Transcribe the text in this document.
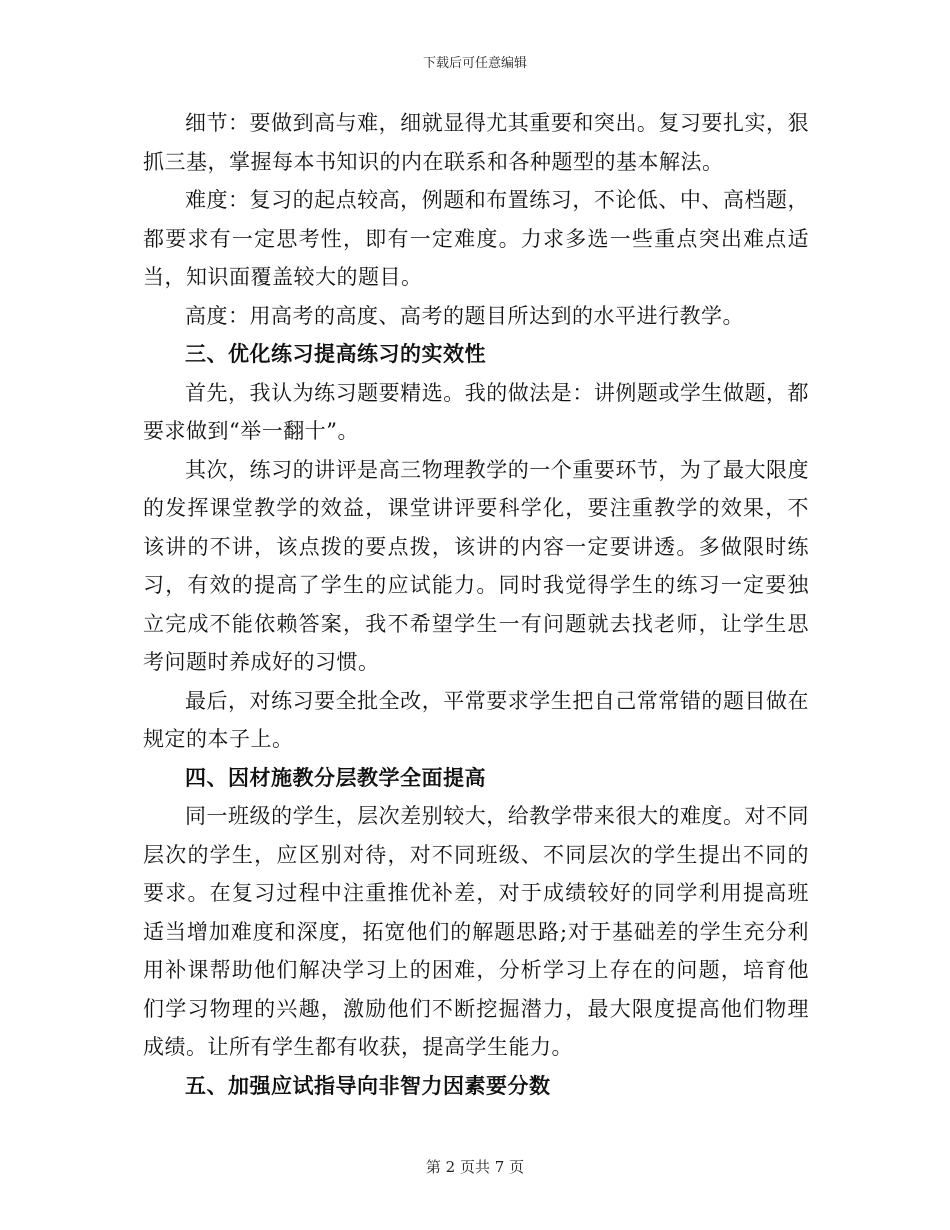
下载后可任意编辑

细节：要做到高与难，细就显得尤其重要和突出。复习要扎实，狠抓三基，掌握每本书知识的内在联系和各种题型的基本解法。

难度：复习的起点较高，例题和布置练习，不论低、中、高档题，都要求有一定思考性，即有一定难度。力求多选一些重点突出难点适当，知识面覆盖较大的题目。

高度：用高考的高度、高考的题目所达到的水平进行教学。

三、优化练习提高练习的实效性

首先，我认为练习题要精选。我的做法是：讲例题或学生做题，都要求做到“举一翻十”。

其次，练习的讲评是高三物理教学的一个重要环节，为了最大限度的发挥课堂教学的效益，课堂讲评要科学化，要注重教学的效果，不该讲的不讲，该点拨的要点拨，该讲的内容一定要讲透。多做限时练习，有效的提高了学生的应试能力。同时我觉得学生的练习一定要独立完成不能依赖答案，我不希望学生一有问题就去找老师，让学生思考问题时养成好的习惯。

最后，对练习要全批全改，平常要求学生把自己常常错的题目做在规定的本子上。

四、因材施教分层教学全面提高

同一班级的学生，层次差别较大，给教学带来很大的难度。对不同层次的学生，应区别对待，对不同班级、不同层次的学生提出不同的要求。在复习过程中注重推优补差，对于成绩较好的同学利用提高班适当增加难度和深度，拓宽他们的解题思路;对于基础差的学生充分利用补课帮助他们解决学习上的困难，分析学习上存在的问题，培育他们学习物理的兴趣，激励他们不断挖掘潜力，最大限度提高他们物理成绩。让所有学生都有收获，提高学生能力。

五、加强应试指导向非智力因素要分数

第 2 页共 7 页
